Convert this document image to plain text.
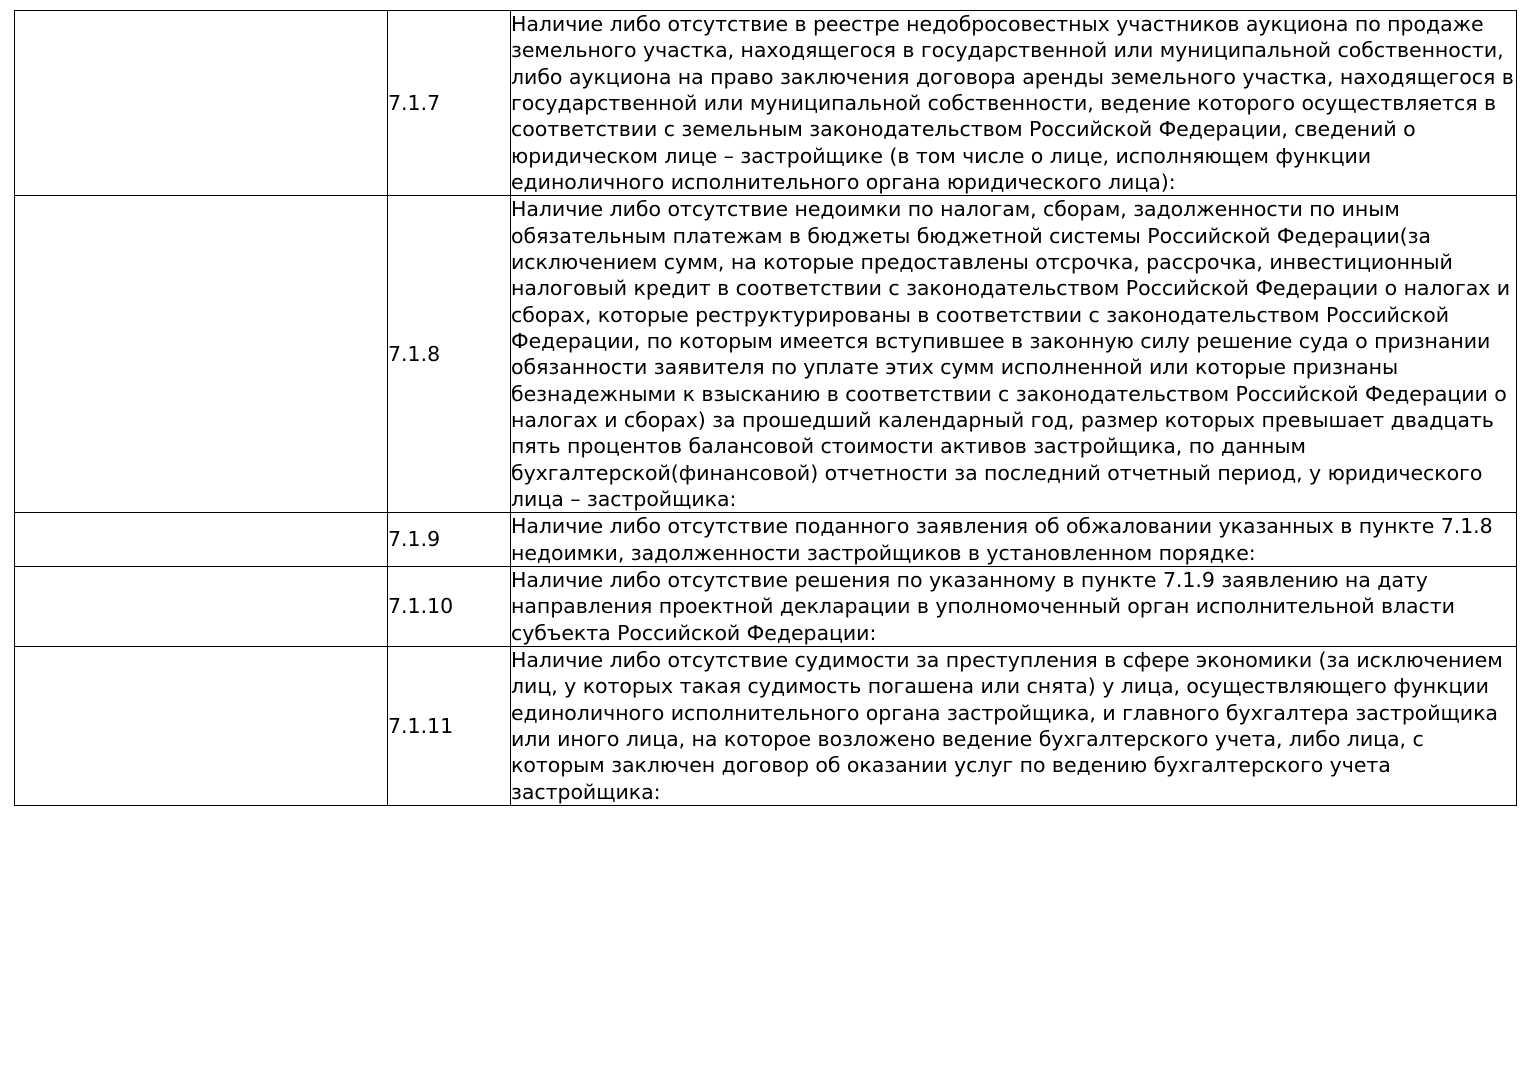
	7.1.7	Наличие либо отсутствие в реестре недобросовестных участников аукциона по продаже земельного участка, находящегося в государственной или муниципальной собственности, либо аукциона на право заключения договора аренды земельного участка, находящегося в государственной или муниципальной собственности, ведение которого осуществляется в соответствии с земельным законодательством Российской Федерации, сведений о юридическом лице – застройщике (в том числе о лице, исполняющем функции единоличного исполнительного органа юридического лица):

	7.1.8	Наличие либо отсутствие недоимки по налогам, сборам, задолженности по иным обязательным платежам в бюджеты бюджетной системы Российской Федерации(за исключением сумм, на которые предоставлены отсрочка, рассрочка, инвестиционный налоговый кредит в соответствии с законодательством Российской Федерации о налогах и сборах, которые реструктурированы в соответствии с законодательством Российской Федерации, по которым имеется вступившее в законную силу решение суда о признании обязанности заявителя по уплате этих сумм исполненной или которые признаны безнадежными к взысканию в соответствии с законодательством Российской Федерации о налогах и сборах) за прошедший календарный год, размер которых превышает двадцать пять процентов балансовой стоимости активов застройщика, по данным бухгалтерской(финансовой) отчетности за последний отчетный период, у юридического лица – застройщика:

	7.1.9	Наличие либо отсутствие поданного заявления об обжаловании указанных в пункте 7.1.8 недоимки, задолженности застройщиков в установленном порядке:

	7.1.10	Наличие либо отсутствие решения по указанному в пункте 7.1.9 заявлению на дату направления проектной декларации в уполномоченный орган исполнительной власти субъекта Российской Федерации:

	7.1.11	Наличие либо отсутствие судимости за преступления в сфере экономики (за исключением лиц, у которых такая судимость погашена или снята) у лица, осуществляющего функции единоличного исполнительного органа застройщика, и главного бухгалтера застройщика или иного лица, на которое возложено ведение бухгалтерского учета, либо лица, с которым заключен договор об оказании услуг по ведению бухгалтерского учета застройщика:
